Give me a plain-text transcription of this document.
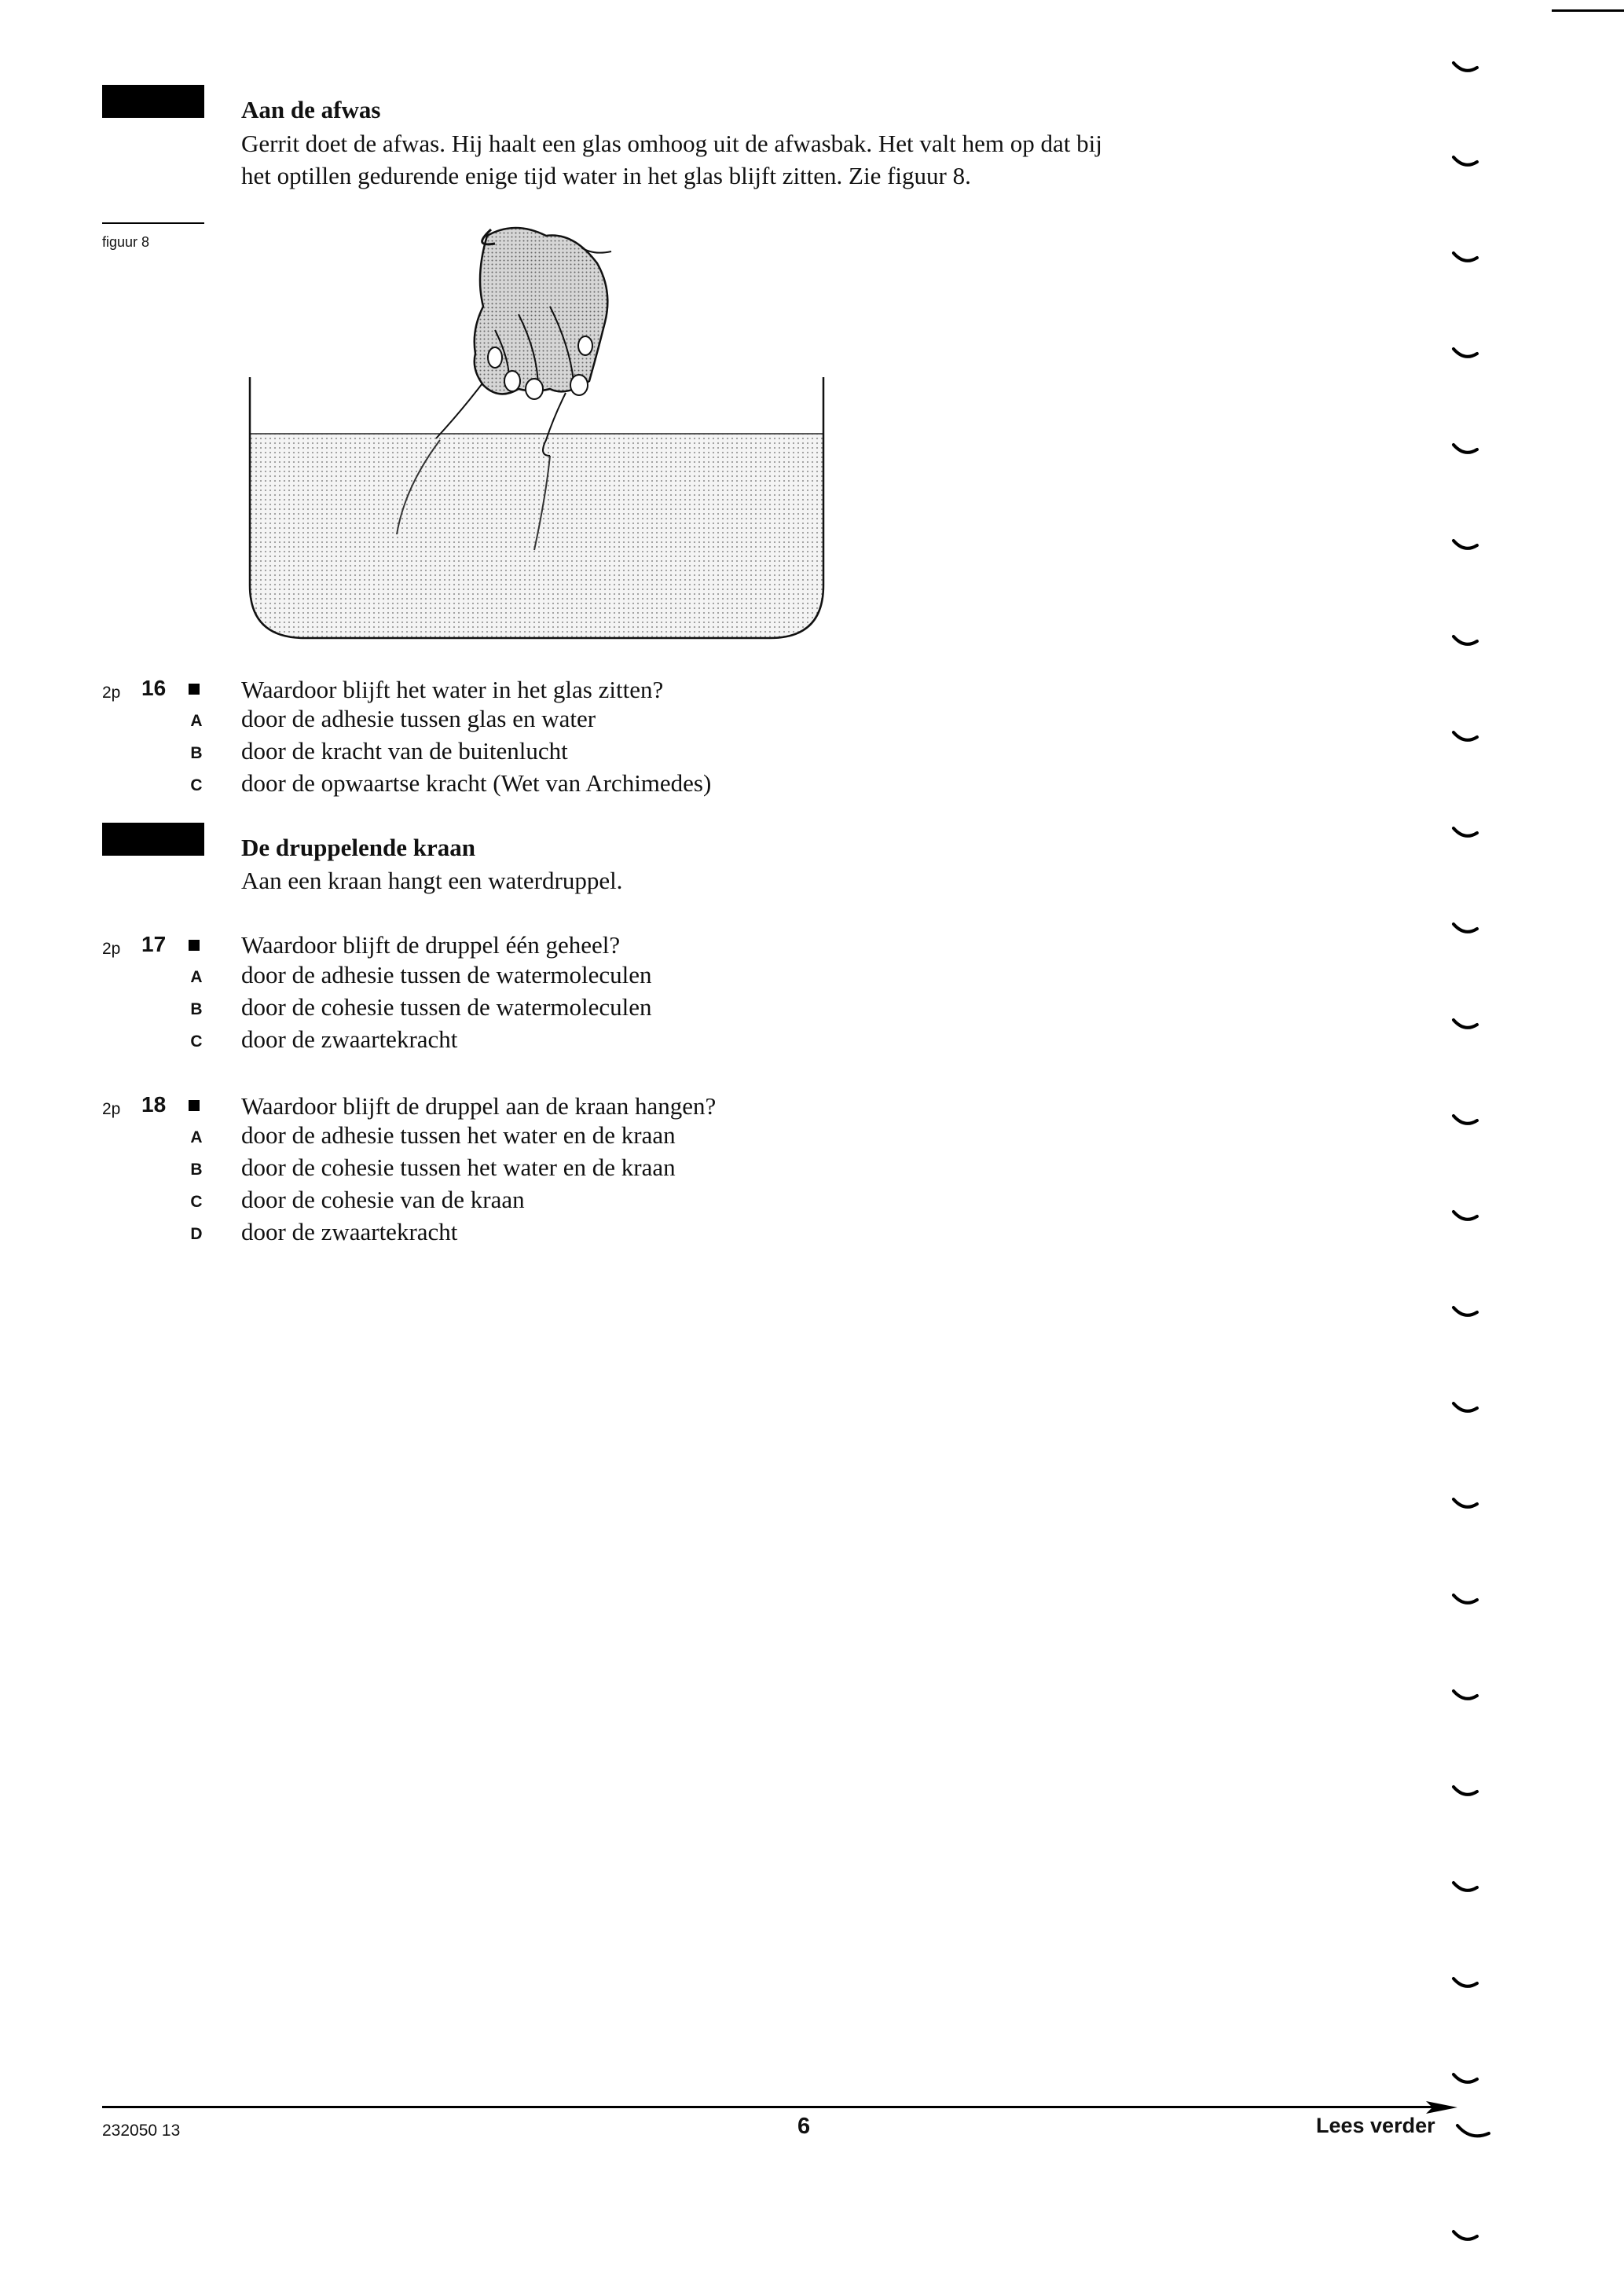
Aan de afwas
Gerrit doet de afwas. Hij haalt een glas omhoog uit de afwasbak. Het valt hem op dat bij
het optillen gedurende enige tijd water in het glas blijft zitten. Zie figuur 8.
figuur 8
2p 16	Waardoor blijft het water in het glas zitten?
A door de adhesie tussen glas en water
B door de kracht van de buitenlucht
C door de opwaartse kracht (Wet van Archimedes)
De druppelende kraan
Aan een kraan hangt een waterdruppel.
2p 17	Waardoor blijft de druppel één geheel?
A door de adhesie tussen de watermoleculen
B door de cohesie tussen de watermoleculen
C door de zwaartekracht
2p 18	Waardoor blijft de druppel aan de kraan hangen?
A door de adhesie tussen het water en de kraan
B door de cohesie tussen het water en de kraan
C door de cohesie van de kraan
D door de zwaartekracht
232050 13	6	Lees verder
